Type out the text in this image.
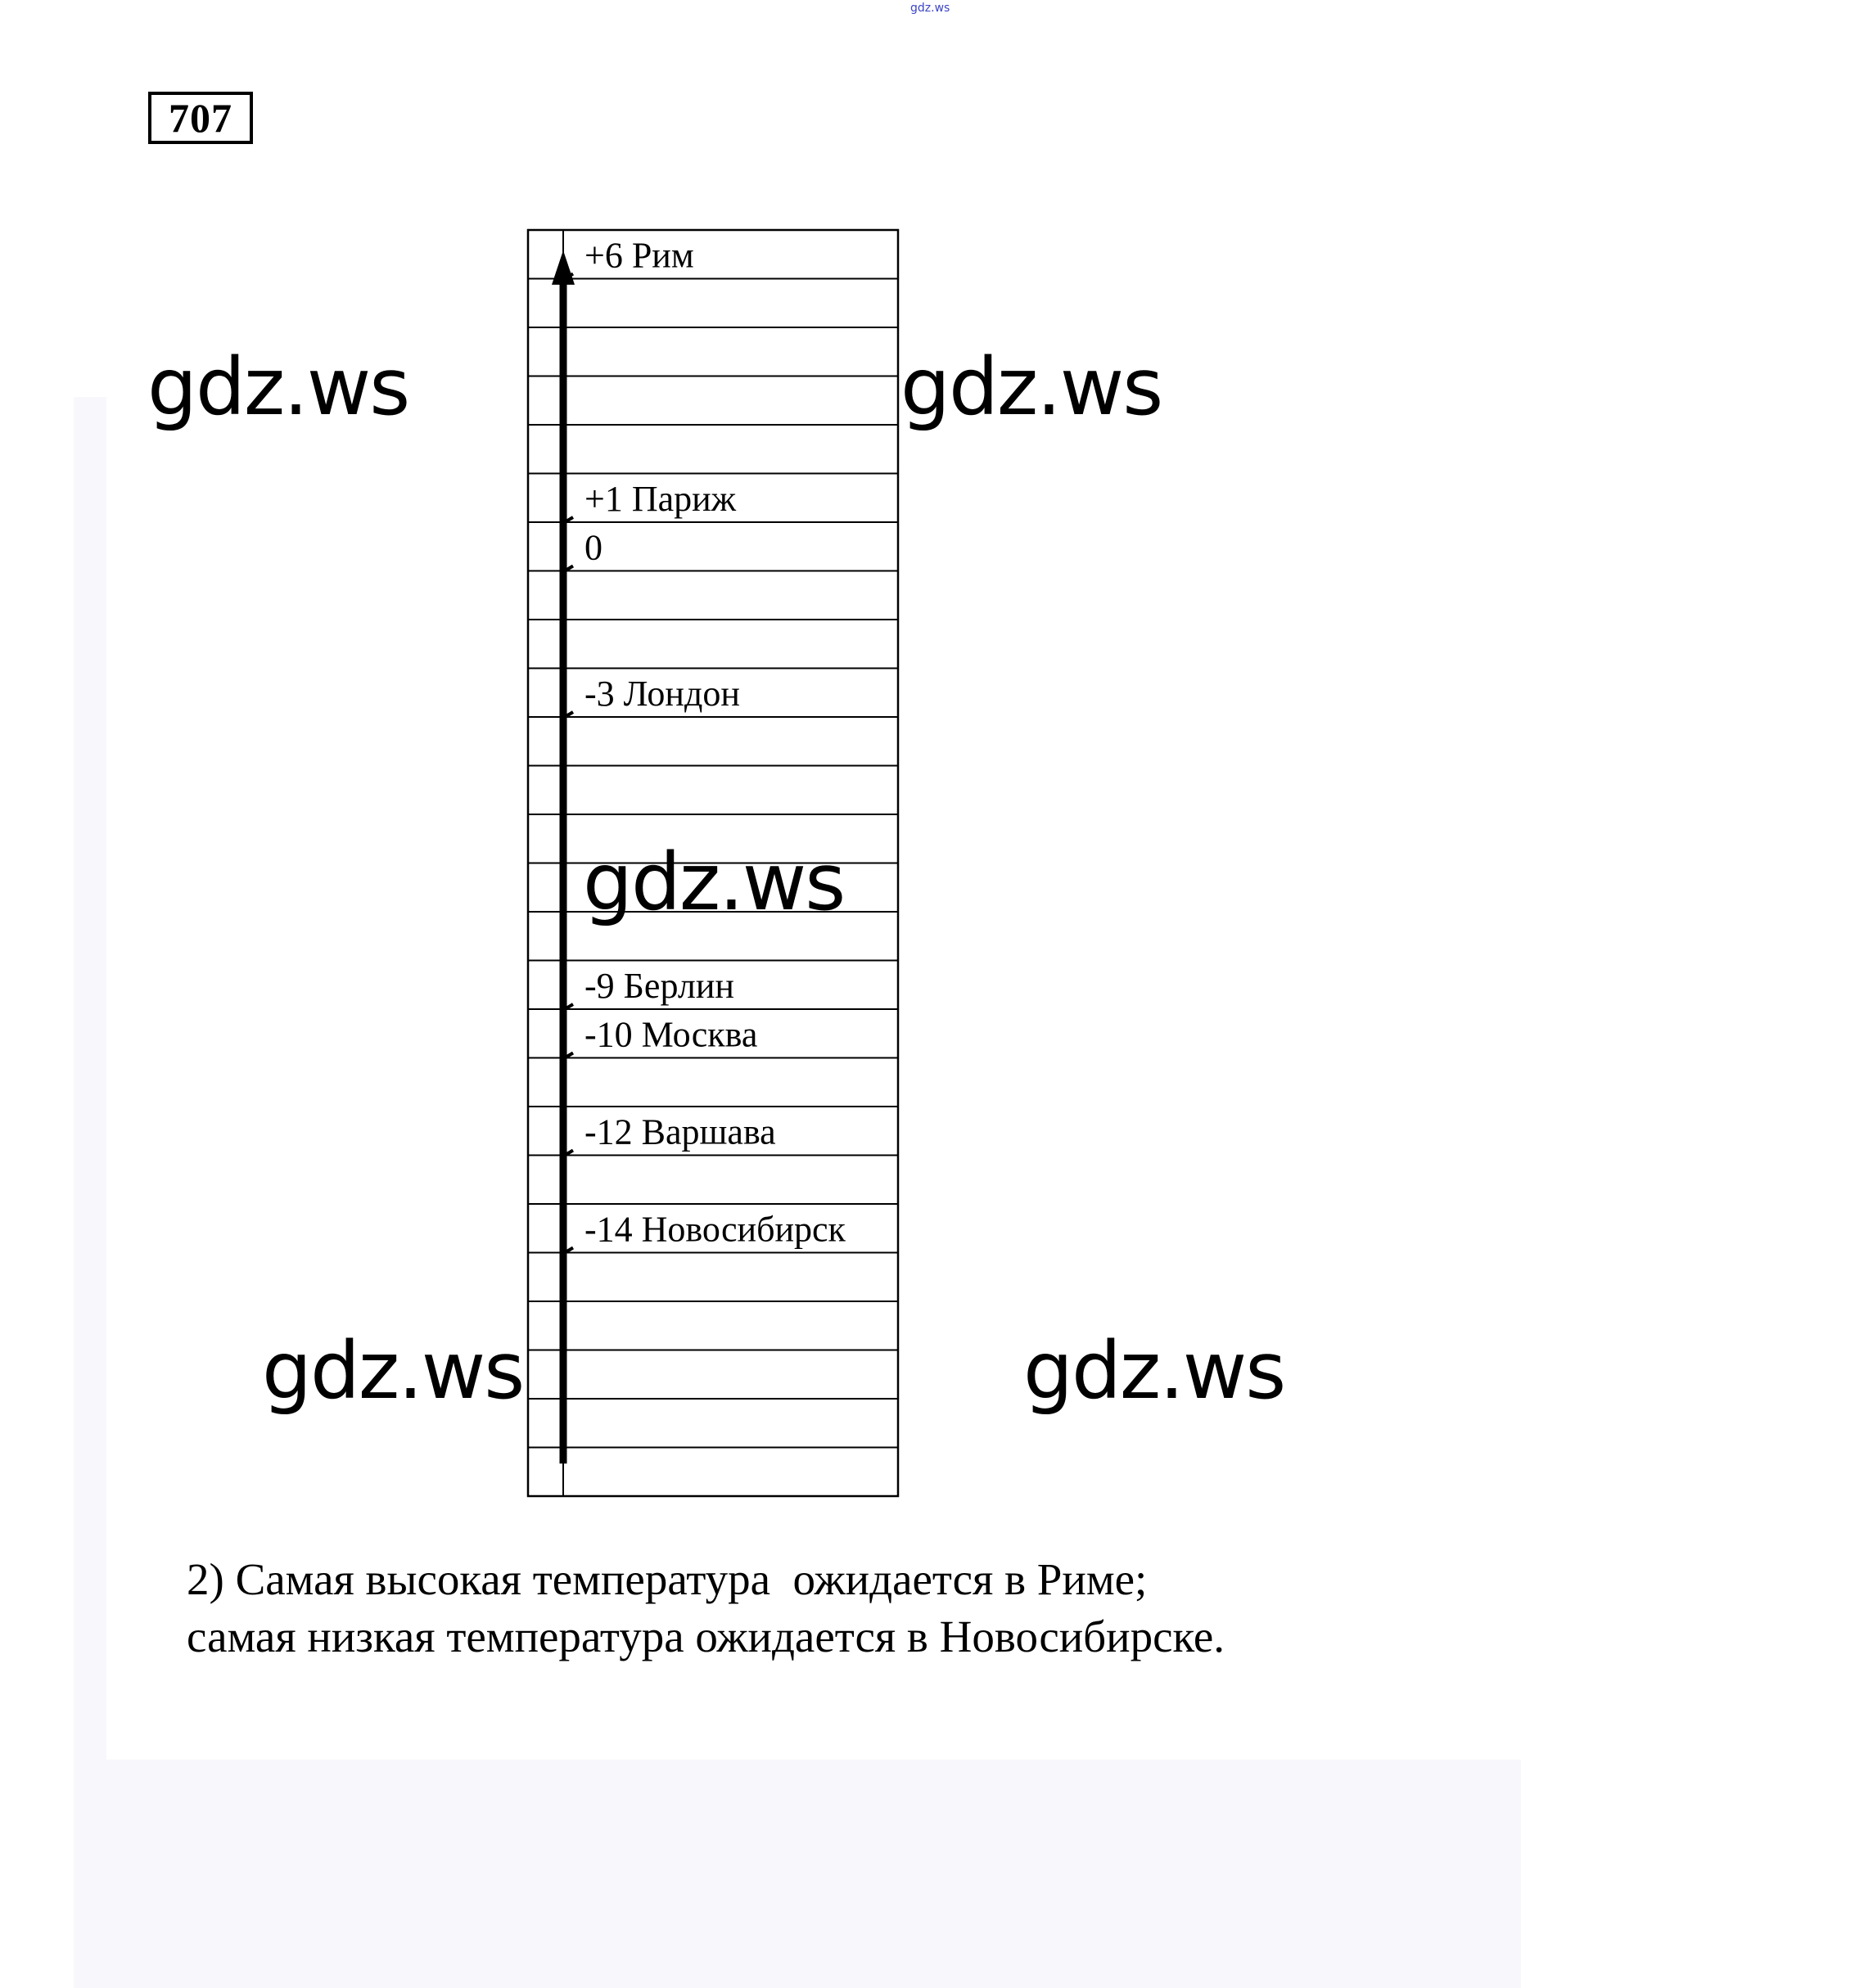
gdz.ws
707
+6 Рим
+1 Париж
0
-3 Лондон
-9 Берлин
-10 Москва
-12 Варшава
-14 Новосибирск
gdz.ws	gdz.ws
gdz.ws
gdz.ws	gdz.ws
2) Самая высокая температура  ожидается в Риме;
самая низкая температура ожидается в Новосибирске.
